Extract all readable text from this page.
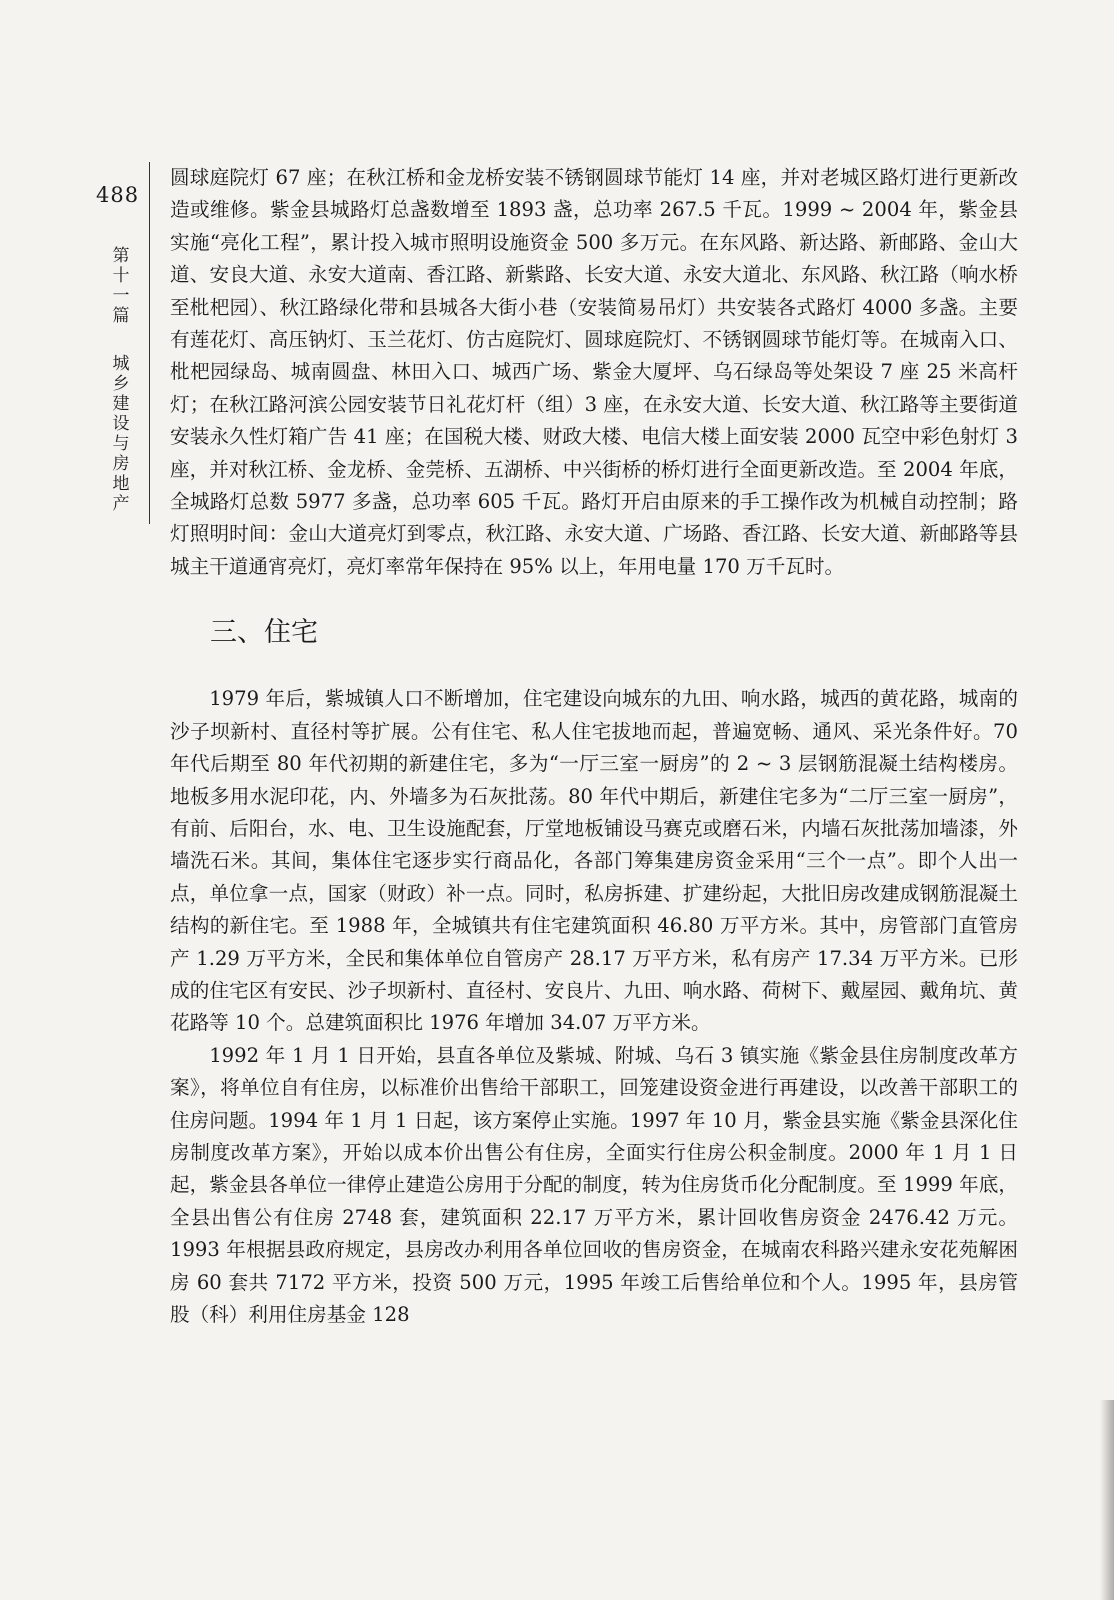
488
第
十
一
篇
城
乡
建
设
与
房
地
产

圆球庭院灯 67 座；在秋江桥和金龙桥安装不锈钢圆球节能灯 14 座，并对老城区路灯进行更新改造或维修。紫金县城路灯总盏数增至 1893 盏，总功率 267.5 千瓦。1999 ~ 2004 年，紫金县实施“亮化工程”，累计投入城市照明设施资金 500 多万元。在东风路、新达路、新邮路、金山大道、安良大道、永安大道南、香江路、新紫路、长安大道、永安大道北、东风路、秋江路（响水桥至枇杷园）、秋江路绿化带和县城各大街小巷（安装简易吊灯）共安装各式路灯 4000 多盏。主要有莲花灯、高压钠灯、玉兰花灯、仿古庭院灯、圆球庭院灯、不锈钢圆球节能灯等。在城南入口、枇杷园绿岛、城南圆盘、林田入口、城西广场、紫金大厦坪、乌石绿岛等处架设 7 座 25 米高杆灯；在秋江路河滨公园安装节日礼花灯杆（组）3 座，在永安大道、长安大道、秋江路等主要街道安装永久性灯箱广告 41 座；在国税大楼、财政大楼、电信大楼上面安装 2000 瓦空中彩色射灯 3 座，并对秋江桥、金龙桥、金莞桥、五湖桥、中兴街桥的桥灯进行全面更新改造。至 2004 年底，全城路灯总数 5977 多盏，总功率 605 千瓦。路灯开启由原来的手工操作改为机械自动控制；路灯照明时间：金山大道亮灯到零点，秋江路、永安大道、广场路、香江路、长安大道、新邮路等县城主干道通宵亮灯，亮灯率常年保持在 95% 以上，年用电量 170 万千瓦时。

三、住宅

1979 年后，紫城镇人口不断增加，住宅建设向城东的九田、响水路，城西的黄花路，城南的沙子坝新村、直径村等扩展。公有住宅、私人住宅拔地而起，普遍宽畅、通风、采光条件好。70 年代后期至 80 年代初期的新建住宅，多为“一厅三室一厨房”的 2 ~ 3 层钢筋混凝土结构楼房。地板多用水泥印花，内、外墙多为石灰批荡。80 年代中期后，新建住宅多为“二厅三室一厨房”，有前、后阳台，水、电、卫生设施配套，厅堂地板铺设马赛克或磨石米，内墙石灰批荡加墙漆，外墙洗石米。其间，集体住宅逐步实行商品化，各部门筹集建房资金采用“三个一点”。即个人出一点，单位拿一点，国家（财政）补一点。同时，私房拆建、扩建纷起，大批旧房改建成钢筋混凝土结构的新住宅。至 1988 年，全城镇共有住宅建筑面积 46.80 万平方米。其中，房管部门直管房产 1.29 万平方米，全民和集体单位自管房产 28.17 万平方米，私有房产 17.34 万平方米。已形成的住宅区有安民、沙子坝新村、直径村、安良片、九田、响水路、荷树下、戴屋园、戴角坑、黄花路等 10 个。总建筑面积比 1976 年增加 34.07 万平方米。

1992 年 1 月 1 日开始，县直各单位及紫城、附城、乌石 3 镇实施《紫金县住房制度改革方案》，将单位自有住房，以标准价出售给干部职工，回笼建设资金进行再建设，以改善干部职工的住房问题。1994 年 1 月 1 日起，该方案停止实施。1997 年 10 月，紫金县实施《紫金县深化住房制度改革方案》，开始以成本价出售公有住房，全面实行住房公积金制度。2000 年 1 月 1 日起，紫金县各单位一律停止建造公房用于分配的制度，转为住房货币化分配制度。至 1999 年底，全县出售公有住房 2748 套，建筑面积 22.17 万平方米，累计回收售房资金 2476.42 万元。1993 年根据县政府规定，县房改办利用各单位回收的售房资金，在城南农科路兴建永安花苑解困房 60 套共 7172 平方米，投资 500 万元，1995 年竣工后售给单位和个人。1995 年，县房管股（科）利用住房基金 128
